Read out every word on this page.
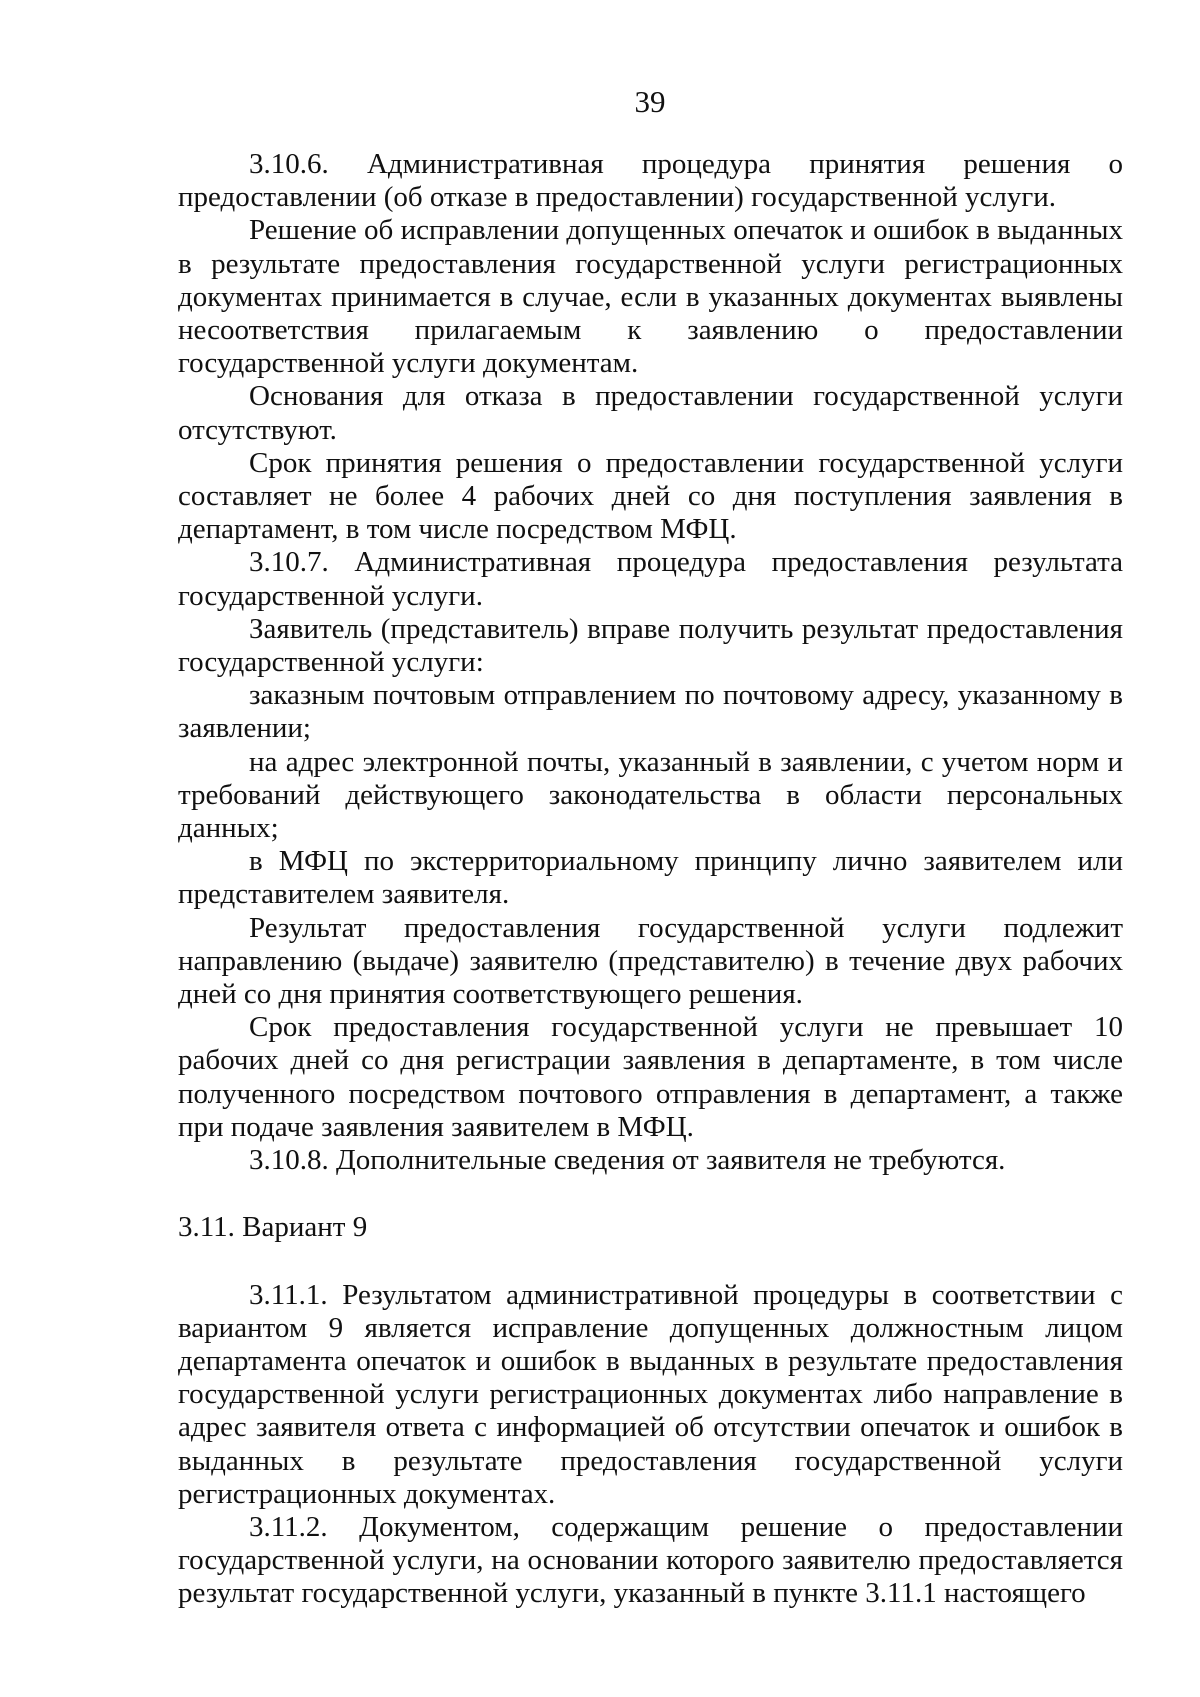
39

3.10.6. Административная процедура принятия решения о предоставлении (об отказе в предоставлении) государственной услуги.

Решение об исправлении допущенных опечаток и ошибок в выданных в результате предоставления государственной услуги регистрационных документах принимается в случае, если в указанных документах выявлены несоответствия прилагаемым к заявлению о предоставлении государственной услуги документам.

Основания для отказа в предоставлении государственной услуги отсутствуют.

Срок принятия решения о предоставлении государственной услуги составляет не более 4 рабочих дней со дня поступления заявления в департамент, в том числе посредством МФЦ.

3.10.7. Административная процедура предоставления результата государственной услуги.

Заявитель (представитель) вправе получить результат предоставления государственной услуги:

заказным почтовым отправлением по почтовому адресу, указанному в заявлении;

на адрес электронной почты, указанный в заявлении, с учетом норм и требований действующего законодательства в области персональных данных;

в МФЦ по экстерриториальному принципу лично заявителем или представителем заявителя.

Результат предоставления государственной услуги подлежит направлению (выдаче) заявителю (представителю) в течение двух рабочих дней со дня принятия соответствующего решения.

Срок предоставления государственной услуги не превышает 10 рабочих дней со дня регистрации заявления в департаменте, в том числе полученного посредством почтового отправления в департамент, а также при подаче заявления заявителем в МФЦ.

3.10.8. Дополнительные сведения от заявителя не требуются.

3.11. Вариант 9

3.11.1. Результатом административной процедуры в соответствии с вариантом 9 является исправление допущенных должностным лицом департамента опечаток и ошибок в выданных в результате предоставления государственной услуги регистрационных документах либо направление в адрес заявителя ответа с информацией об отсутствии опечаток и ошибок в выданных в результате предоставления государственной услуги регистрационных документах.

3.11.2. Документом, содержащим решение о предоставлении государственной услуги, на основании которого заявителю предоставляется результат государственной услуги, указанный в пункте 3.11.1 настоящего
